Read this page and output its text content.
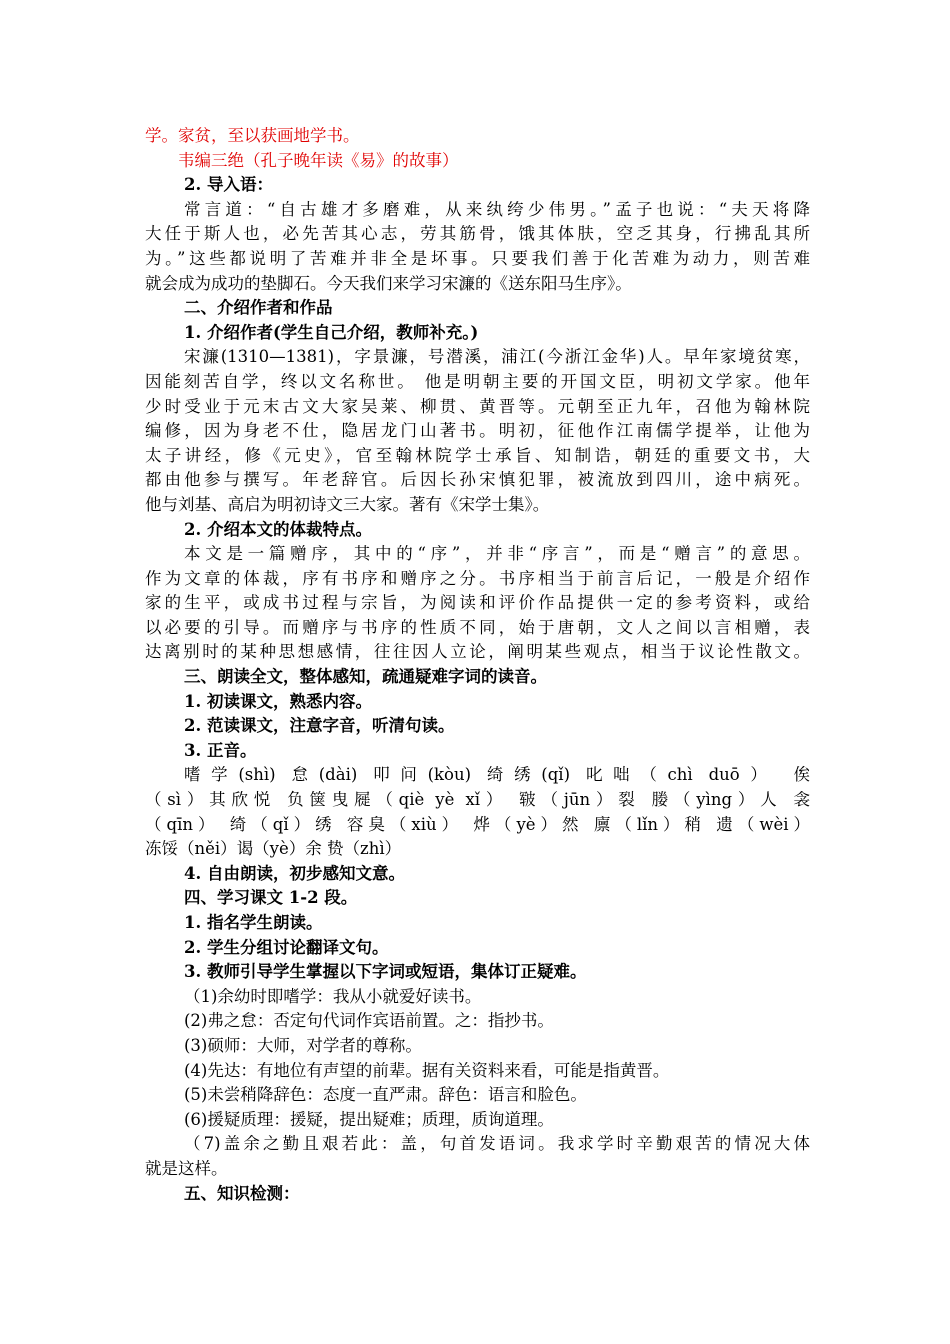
学。家贫，至以获画地学书。
韦编三绝（孔子晚年读《易》的故事）
2. 导入语：
常言道：“自古雄才多磨难，从来纨绔少伟男。”孟子也说：“夫天将降
大任于斯人也，必先苦其心志，劳其筋骨，饿其体肤，空乏其身，行拂乱其所
为。”这些都说明了苦难并非全是坏事。只要我们善于化苦难为动力，则苦难
就会成为成功的垫脚石。今天我们来学习宋濂的《送东阳马生序》。
二、介绍作者和作品
1. 介绍作者(学生自己介绍，教师补充。)
宋濂(1310—1381)，字景濂，号潜溪，浦江(今浙江金华)人。早年家境贫寒，
因能刻苦自学，终以文名称世。 他是明朝主要的开国文臣，明初文学家。他年
少时受业于元末古文大家吴莱、柳贯、黄晋等。元朝至正九年，召他为翰林院
编修，因为身老不仕，隐居龙门山著书。明初，征他作江南儒学提举，让他为
太子讲经，修《元史》，官至翰林院学士承旨、知制诰，朝廷的重要文书，大
都由他参与撰写。年老辞官。后因长孙宋慎犯罪，被流放到四川，途中病死。
他与刘基、高启为明初诗文三大家。著有《宋学士集》。
2. 介绍本文的体裁特点。
本文是一篇赠序，其中的“序”，并非“序言”，而是“赠言”的意思。
作为文章的体裁，序有书序和赠序之分。书序相当于前言后记，一般是介绍作
家的生平，或成书过程与宗旨，为阅读和评价作品提供一定的参考资料，或给
以必要的引导。而赠序与书序的性质不同，始于唐朝，文人之间以言相赠，表
达离别时的某种思想感情，往往因人立论，阐明某些观点，相当于议论性散文。
三、朗读全文，整体感知，疏通疑难字词的读音。
1. 初读课文，熟悉内容。
2. 范读课文，注意字音，听清句读。
3. 正音。
嗜学(shì) 怠(dài) 叩问(kòu) 绮绣(qǐ) 叱咄（chì duō） 俟
（sì）其欣悦 负箧曳屣（qiè yè xǐ） 皲（jūn）裂 媵（yìng）人 衾
（qīn） 绮（qǐ）绣 容臭（xiù） 烨（yè）然 廪（lǐn）稍 遗（wèi）
冻馁（něi）谒（yè）余 贽（zhì）
4. 自由朗读，初步感知文意。
四、学习课文 1-2 段。
1. 指名学生朗读。
2. 学生分组讨论翻译文句。
3. 教师引导学生掌握以下字词或短语，集体订正疑难。
（1)余幼时即嗜学：我从小就爱好读书。
(2)弗之怠：否定句代词作宾语前置。之：指抄书。
(3)硕师：大师，对学者的尊称。
(4)先达：有地位有声望的前辈。据有关资料来看，可能是指黄晋。
(5)未尝稍降辞色：态度一直严肃。辞色：语言和脸色。
(6)援疑质理：援疑，提出疑难；质理，质询道理。
（7)盖余之勤且艰若此：盖，句首发语词。我求学时辛勤艰苦的情况大体
就是这样。
五、知识检测：
